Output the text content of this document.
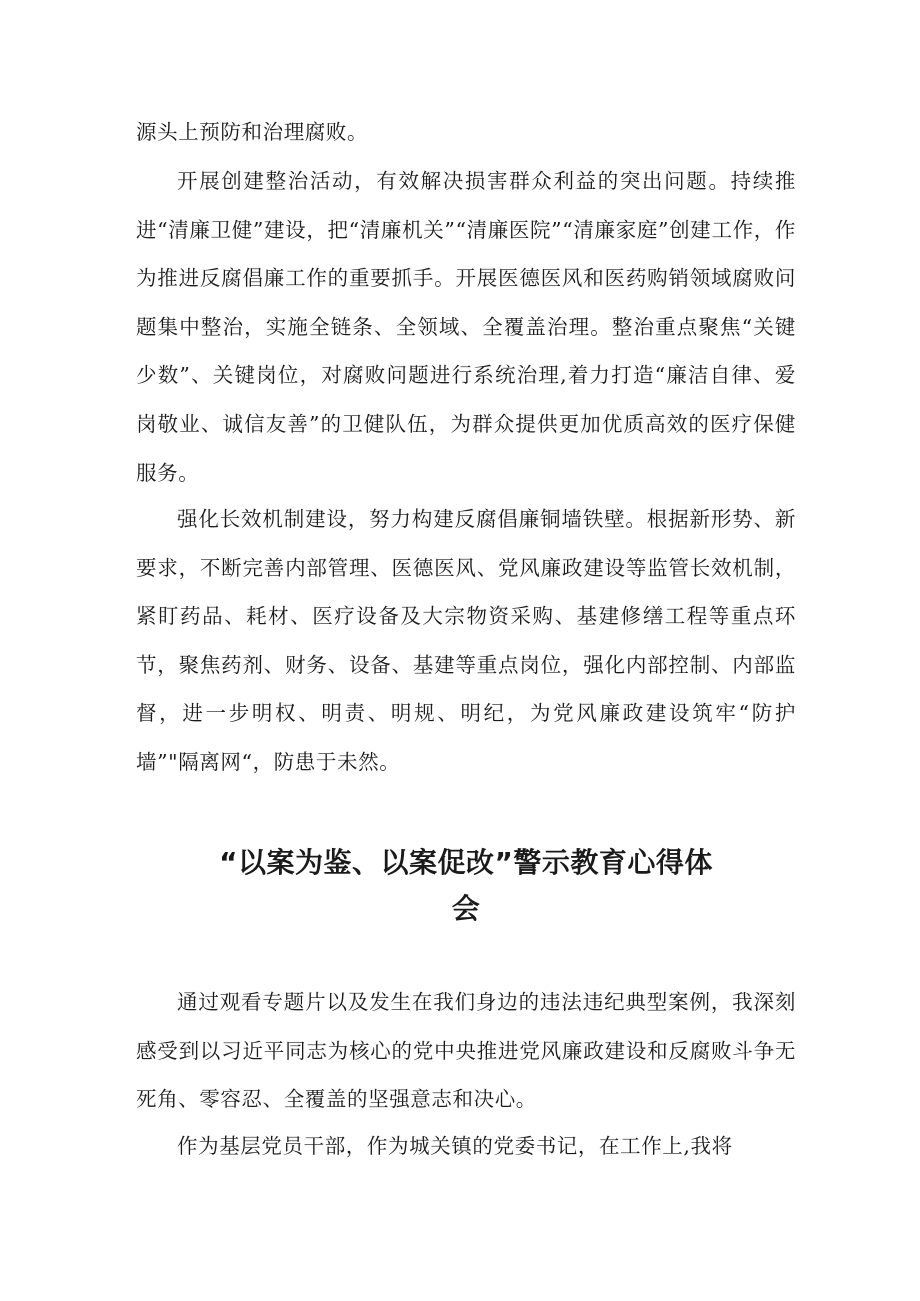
源头上预防和治理腐败。

开展创建整治活动，有效解决损害群众利益的突出问题。持续推进“清廉卫健”建设，把“清廉机关”“清廉医院”“清廉家庭”创建工作，作为推进反腐倡廉工作的重要抓手。开展医德医风和医药购销领域腐败问题集中整治，实施全链条、全领域、全覆盖治理。整治重点聚焦“关键少数”、关键岗位，对腐败问题进行系统治理,着力打造“廉洁自律、爱岗敬业、诚信友善”的卫健队伍，为群众提供更加优质高效的医疗保健服务。

强化长效机制建设，努力构建反腐倡廉铜墙铁壁。根据新形势、新要求，不断完善内部管理、医德医风、党风廉政建设等监管长效机制，紧盯药品、耗材、医疗设备及大宗物资采购、基建修缮工程等重点环节，聚焦药剂、财务、设备、基建等重点岗位，强化内部控制、内部监督，进一步明权、明责、明规、明纪，为党风廉政建设筑牢“防护墙”"隔离网“，防患于未然。

“以案为鉴、以案促改”警示教育心得体
会

通过观看专题片以及发生在我们身边的违法违纪典型案例，我深刻感受到以习近平同志为核心的党中央推进党风廉政建设和反腐败斗争无死角、零容忍、全覆盖的坚强意志和决心。

作为基层党员干部，作为城关镇的党委书记，在工作上,我将
